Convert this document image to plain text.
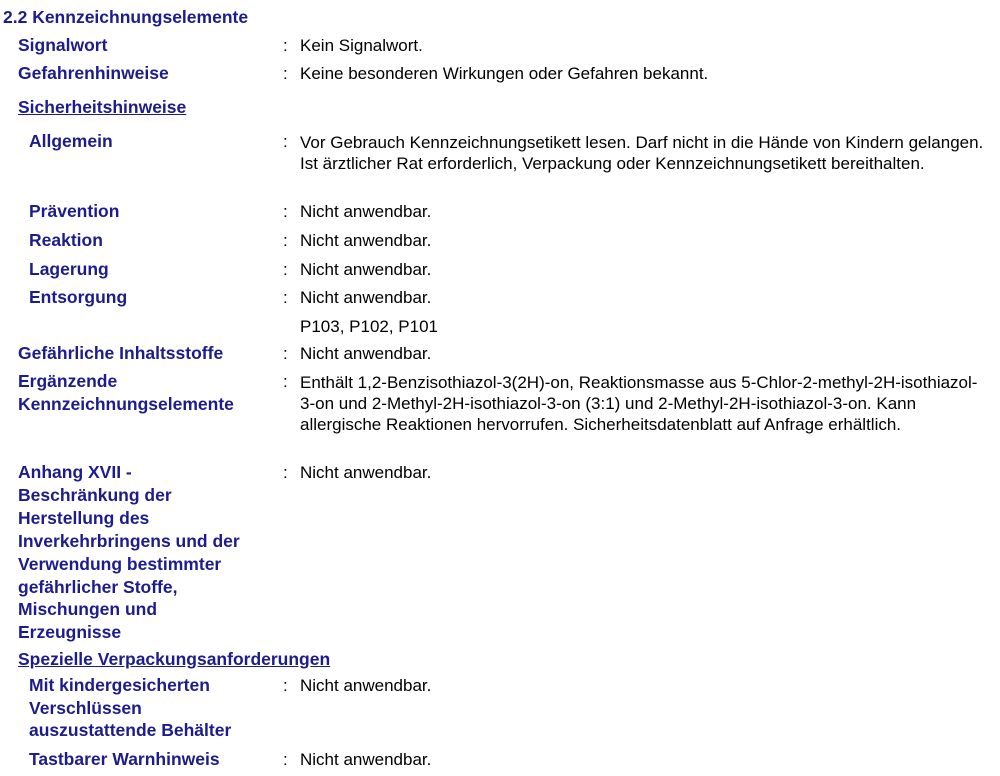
2.2 Kennzeichnungselemente
Signalwort	: Kein Signalwort.
Gefahrenhinweise	: Keine besonderen Wirkungen oder Gefahren bekannt.
Sicherheitshinweise
Allgemein	: Vor Gebrauch Kennzeichnungsetikett lesen. Darf nicht in die Hände von Kindern gelangen. Ist ärztlicher Rat erforderlich, Verpackung oder Kennzeichnungsetikett bereithalten.
Prävention	: Nicht anwendbar.
Reaktion	: Nicht anwendbar.
Lagerung	: Nicht anwendbar.
Entsorgung	: Nicht anwendbar.
P103, P102, P101
Gefährliche Inhaltsstoffe	: Nicht anwendbar.
Ergänzende
Kennzeichnungselemente
: Enthält 1,2-Benzisothiazol-3(2H)-on, Reaktionsmasse aus 5-Chlor-2-methyl-2H-isothiazol-3-on und 2-Methyl-2H-isothiazol-3-on (3:1) und 2-Methyl-2H-isothiazol-3-on. Kann allergische Reaktionen hervorrufen. Sicherheitsdatenblatt auf Anfrage erhältlich.
Anhang XVII -
Beschränkung der
Herstellung des
Inverkehrbringens und der
Verwendung bestimmter
gefährlicher Stoffe,
Mischungen und
Erzeugnisse
: Nicht anwendbar.
Spezielle Verpackungsanforderungen
Mit kindergesicherten
Verschlüssen
auszustattende Behälter
: Nicht anwendbar.
Tastbarer Warnhinweis	: Nicht anwendbar.
